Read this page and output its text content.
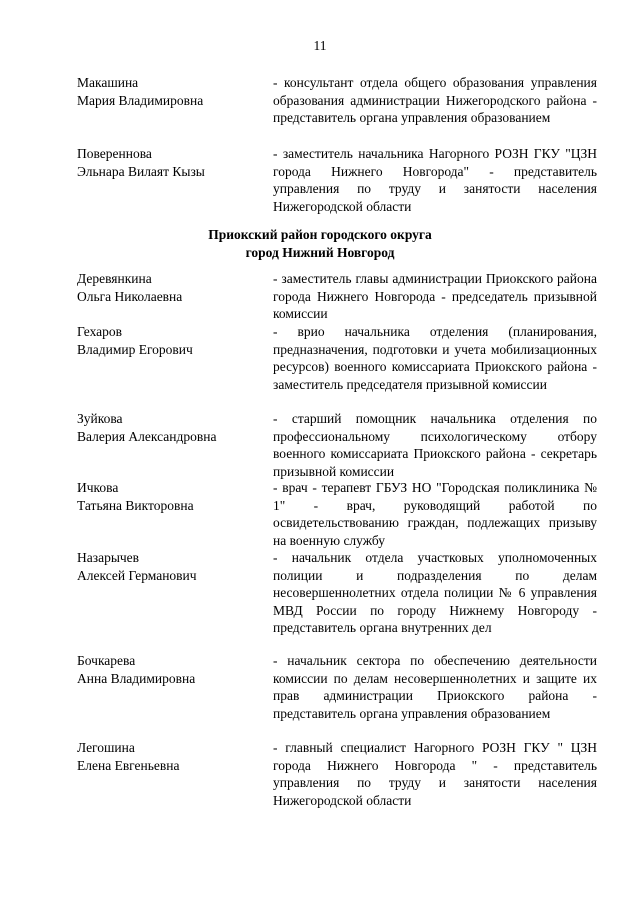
11
Макашина
Мария Владимировна
- консультант отдела общего образования управления образования администрации Нижегородского района - представитель органа управления образованием
Повереннова
Эльнара Вилаят Кызы
- заместитель начальника Нагорного РОЗН ГКУ "ЦЗН города Нижнего Новгорода" - представитель управления по труду и занятости населения Нижегородской области
Приокский район городского округа
город Нижний Новгород
Деревянкина
Ольга Николаевна
- заместитель главы администрации Приокского района города Нижнего Новгорода - председатель призывной комиссии
Гехаров
Владимир Егорович
- врио начальника отделения (планирования, предназначения, подготовки и учета мобилизационных ресурсов) военного комиссариата Приокского района - заместитель председателя призывной комиссии
Зуйкова
Валерия Александровна
- старший помощник начальника отделения по профессиональному психологическому отбору военного комиссариата Приокского района - секретарь призывной комиссии
Ичкова
Татьяна Викторовна
- врач - терапевт ГБУЗ НО "Городская поликлиника № 1" - врач, руководящий работой по освидетельствованию граждан, подлежащих призыву на военную службу
Назарычев
Алексей Германович
- начальник отдела участковых уполномоченных полиции и подразделения по делам несовершеннолетних отдела полиции № 6 управления МВД России по городу Нижнему Новгороду - представитель органа внутренних дел
Бочкарева
Анна Владимировна
- начальник сектора по обеспечению деятельности комиссии по делам несовершеннолетних и защите их прав администрации Приокского района - представитель органа управления образованием
Легошина
Елена Евгеньевна
- главный специалист Нагорного РОЗН ГКУ " ЦЗН города Нижнего Новгорода " - представитель управления по труду и занятости населения Нижегородской области
